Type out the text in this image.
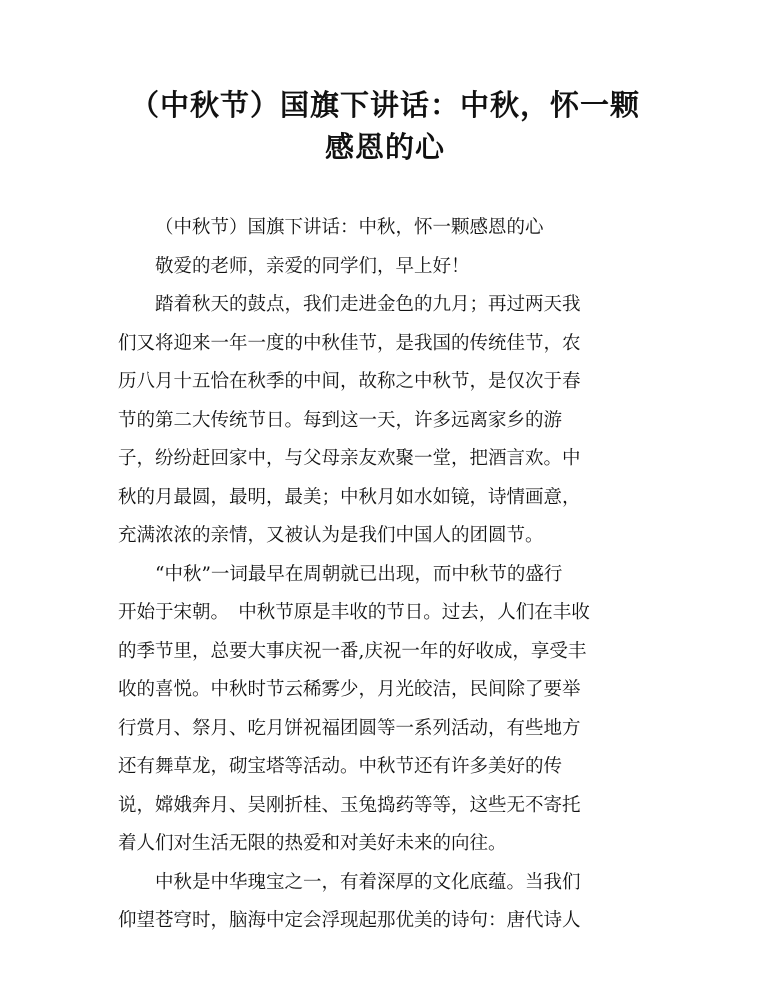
（中秋节）国旗下讲话：中秋，怀一颗
感恩的心
（中秋节）国旗下讲话：中秋，怀一颗感恩的心
敬爱的老师，亲爱的同学们，早上好！
踏着秋天的鼓点，我们走进金色的九月；再过两天我
们又将迎来一年一度的中秋佳节，是我国的传统佳节，农
历八月十五恰在秋季的中间，故称之中秋节，是仅次于春
节的第二大传统节日。每到这一天，许多远离家乡的游
子，纷纷赶回家中，与父母亲友欢聚一堂，把酒言欢。中
秋的月最圆，最明，最美；中秋月如水如镜，诗情画意，
充满浓浓的亲情，又被认为是我们中国人的团圆节。
“中秋”一词最早在周朝就已出现，而中秋节的盛行
开始于宋朝。　中秋节原是丰收的节日。过去，人们在丰收
的季节里，总要大事庆祝一番,庆祝一年的好收成，享受丰
收的喜悦。中秋时节云稀雾少，月光皎洁，民间除了要举
行赏月、祭月、吃月饼祝福团圆等一系列活动，有些地方
还有舞草龙，砌宝塔等活动。中秋节还有许多美好的传
说，嫦娥奔月、吴刚折桂、玉兔捣药等等，这些无不寄托
着人们对生活无限的热爱和对美好未来的向往。
中秋是中华瑰宝之一，有着深厚的文化底蕴。当我们
仰望苍穹时，脑海中定会浮现起那优美的诗句：唐代诗人
